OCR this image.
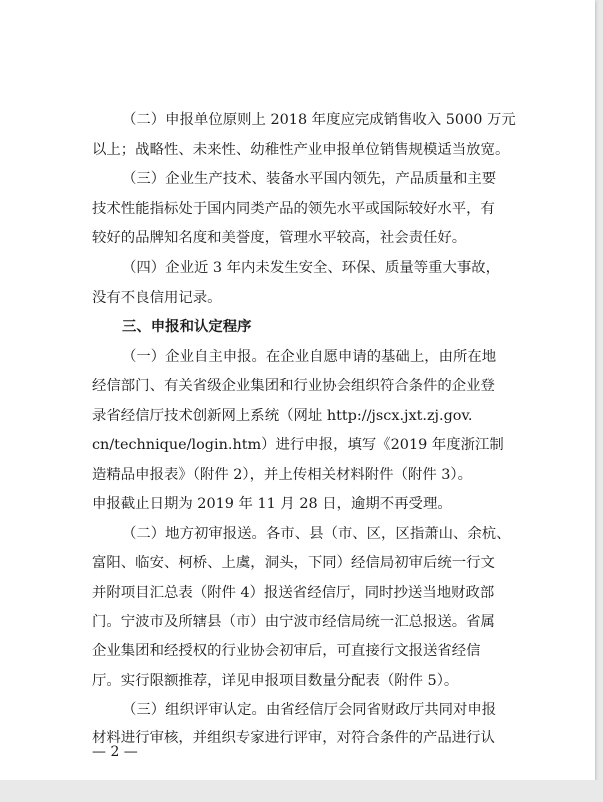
（二）申报单位原则上 2018 年度应完成销售收入 5000 万元
以上；战略性、未来性、幼稚性产业申报单位销售规模适当放宽。
（三）企业生产技术、装备水平国内领先，产品质量和主要
技术性能指标处于国内同类产品的领先水平或国际较好水平，有
较好的品牌知名度和美誉度，管理水平较高，社会责任好。
（四）企业近 3 年内未发生安全、环保、质量等重大事故，
没有不良信用记录。
三、申报和认定程序
（一）企业自主申报。在企业自愿申请的基础上，由所在地
经信部门、有关省级企业集团和行业协会组织符合条件的企业登
录省经信厅技术创新网上系统（网址 http://jscx.jxt.zj.gov.
cn/technique/login.htm）进行申报，填写《2019 年度浙江制
造精品申报表》（附件 2），并上传相关材料附件（附件 3）。
申报截止日期为 2019 年 11 月 28 日，逾期不再受理。
（二）地方初审报送。各市、县（市、区，区指萧山、余杭、
富阳、临安、柯桥、上虞，洞头，下同）经信局初审后统一行文
并附项目汇总表（附件 4）报送省经信厅，同时抄送当地财政部
门。宁波市及所辖县（市）由宁波市经信局统一汇总报送。省属
企业集团和经授权的行业协会初审后，可直接行文报送省经信
厅。实行限额推荐，详见申报项目数量分配表（附件 5）。
（三）组织评审认定。由省经信厅会同省财政厅共同对申报
材料进行审核，并组织专家进行评审，对符合条件的产品进行认
— 2 —
